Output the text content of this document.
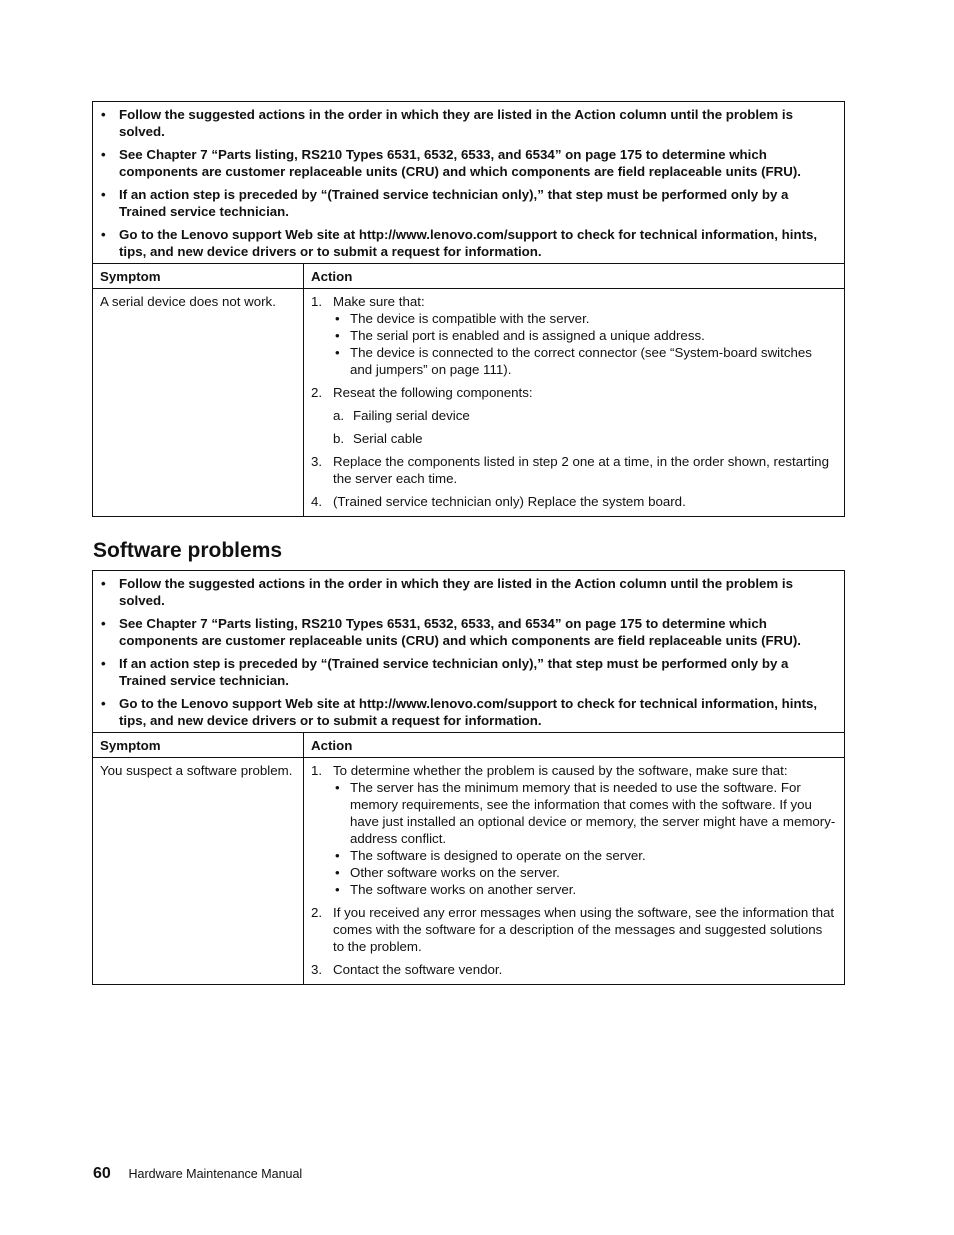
• Follow the suggested actions in the order in which they are listed in the Action column until the problem is solved.
• See Chapter 7 “Parts listing, RS210 Types 6531, 6532, 6533, and 6534” on page 175 to determine which components are customer replaceable units (CRU) and which components are field replaceable units (FRU).
• If an action step is preceded by “(Trained service technician only),” that step must be performed only by a Trained service technician.
• Go to the Lenovo support Web site at http://www.lenovo.com/support to check for technical information, hints, tips, and new device drivers or to submit a request for information.
Symptom	Action
A serial device does not work.	1. Make sure that:
• The device is compatible with the server.
• The serial port is enabled and is assigned a unique address.
• The device is connected to the correct connector (see “System-board switches and jumpers” on page 111).
2. Reseat the following components:
a. Failing serial device
b. Serial cable
3. Replace the components listed in step 2 one at a time, in the order shown, restarting the server each time.
4. (Trained service technician only) Replace the system board.
Software problems
• Follow the suggested actions in the order in which they are listed in the Action column until the problem is solved.
• See Chapter 7 “Parts listing, RS210 Types 6531, 6532, 6533, and 6534” on page 175 to determine which components are customer replaceable units (CRU) and which components are field replaceable units (FRU).
• If an action step is preceded by “(Trained service technician only),” that step must be performed only by a Trained service technician.
• Go to the Lenovo support Web site at http://www.lenovo.com/support to check for technical information, hints, tips, and new device drivers or to submit a request for information.
Symptom	Action
You suspect a software problem.	1. To determine whether the problem is caused by the software, make sure that:
• The server has the minimum memory that is needed to use the software. For memory requirements, see the information that comes with the software. If you have just installed an optional device or memory, the server might have a memory-address conflict.
• The software is designed to operate on the server.
• Other software works on the server.
• The software works on another server.
2. If you received any error messages when using the software, see the information that comes with the software for a description of the messages and suggested solutions to the problem.
3. Contact the software vendor.
60 Hardware Maintenance Manual
